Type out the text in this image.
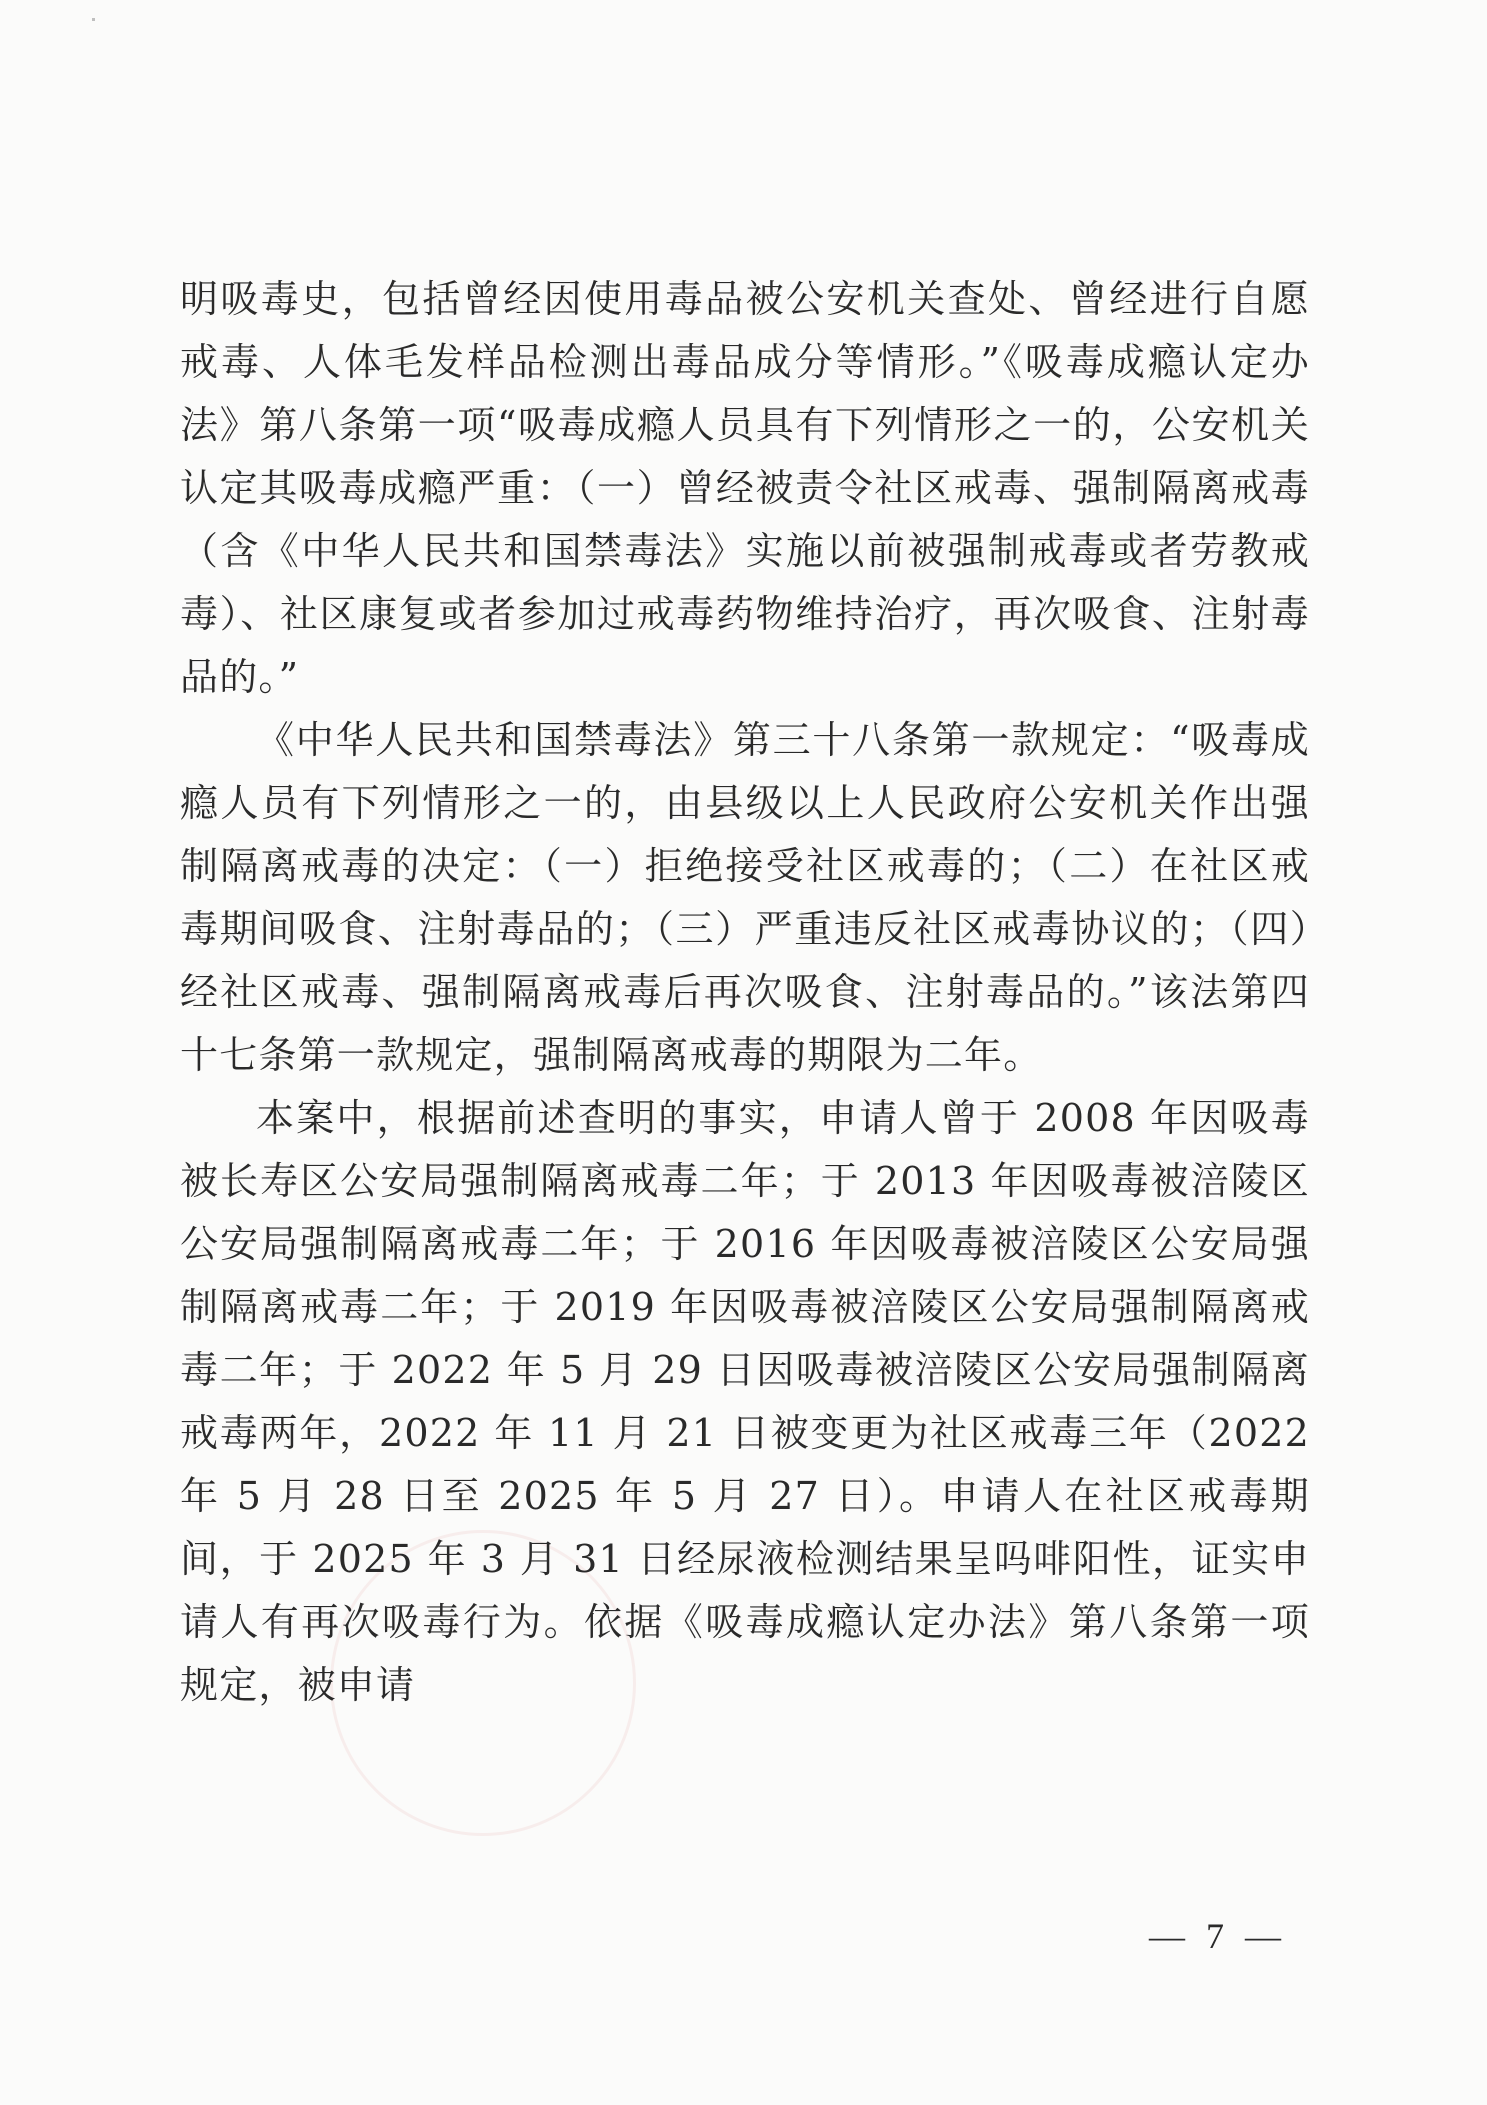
明吸毒史，包括曾经因使用毒品被公安机关查处、曾经进行自愿戒毒、人体毛发样品检测出毒品成分等情形。”《吸毒成瘾认定办法》第八条第一项“吸毒成瘾人员具有下列情形之一的，公安机关认定其吸毒成瘾严重：（一）曾经被责令社区戒毒、强制隔离戒毒（含《中华人民共和国禁毒法》实施以前被强制戒毒或者劳教戒毒）、社区康复或者参加过戒毒药物维持治疗，再次吸食、注射毒品的。”

《中华人民共和国禁毒法》第三十八条第一款规定：“吸毒成瘾人员有下列情形之一的，由县级以上人民政府公安机关作出强制隔离戒毒的决定：（一）拒绝接受社区戒毒的；（二）在社区戒毒期间吸食、注射毒品的；（三）严重违反社区戒毒协议的；（四）经社区戒毒、强制隔离戒毒后再次吸食、注射毒品的。”该法第四十七条第一款规定，强制隔离戒毒的期限为二年。

本案中，根据前述查明的事实，申请人曾于 2008 年因吸毒被长寿区公安局强制隔离戒毒二年；于 2013 年因吸毒被涪陵区公安局强制隔离戒毒二年；于 2016 年因吸毒被涪陵区公安局强制隔离戒毒二年；于 2019 年因吸毒被涪陵区公安局强制隔离戒毒二年；于 2022 年 5 月 29 日因吸毒被涪陵区公安局强制隔离戒毒两年，2022 年 11 月 21 日被变更为社区戒毒三年（2022 年 5 月 28 日至 2025 年 5 月 27 日）。申请人在社区戒毒期间，于 2025 年 3 月 31 日经尿液检测结果呈吗啡阳性，证实申请人有再次吸毒行为。依据《吸毒成瘾认定办法》第八条第一项规定，被申请

— 7 —
